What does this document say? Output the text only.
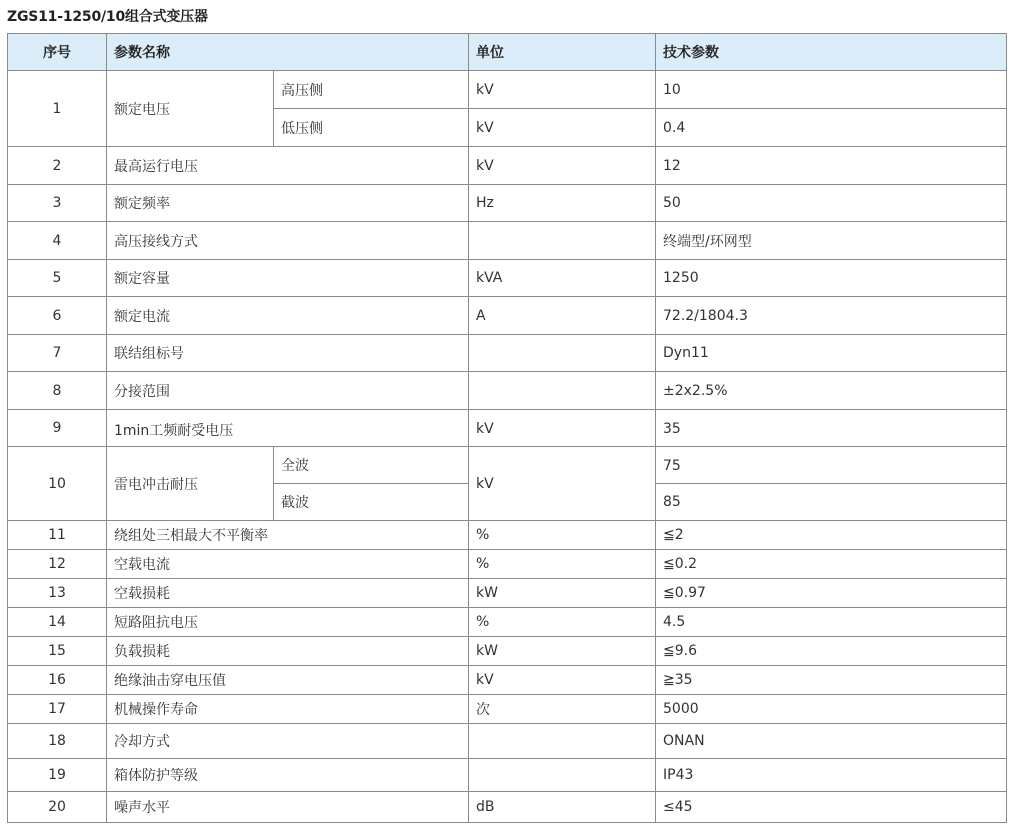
ZGS11-1250/10组合式变压器
序号	参数名称		单位	技术参数
1	额定电压	高压侧	kV	10
		低压侧	kV	0.4
2	最高运行电压		kV	12
3	额定频率		Hz	50
4	高压接线方式			终端型/环网型
5	额定容量		kVA	1250
6	额定电流		A	72.2/1804.3
7	联结组标号			Dyn11
8	分接范围			±2x2.5%
9	1min工频耐受电压		kV	35
10	雷电冲击耐压	全波	kV	75
		截波		85
11	绕组处三相最大不平衡率		%	≦2
12	空载电流		%	≦0.2
13	空载损耗		kW	≦0.97
14	短路阻抗电压		%	4.5
15	负载损耗		kW	≦9.6
16	绝缘油击穿电压值		kV	≧35
17	机械操作寿命		次	5000
18	冷却方式			ONAN
19	箱体防护等级			IP43
20	噪声水平		dB	≤45
